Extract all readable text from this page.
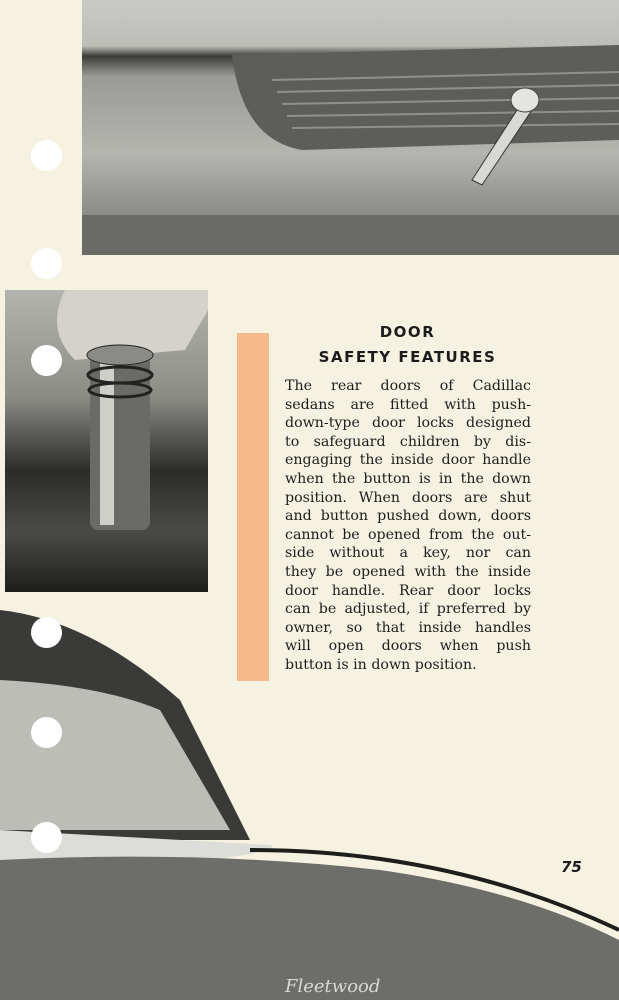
Fleetwood
DOOR
SAFETY FEATURES
The rear doors of Cadillac
sedans are fitted with push-
down-type door locks designed
to safeguard children by dis-
engaging the inside door handle
when the button is in the down
position. When doors are shut
and button pushed down, doors
cannot be opened from the out-
side without a key, nor can
they be opened with the inside
door handle. Rear door locks
can be adjusted, if preferred by
owner, so that inside handles
will open doors when push
button is in down position.
75
